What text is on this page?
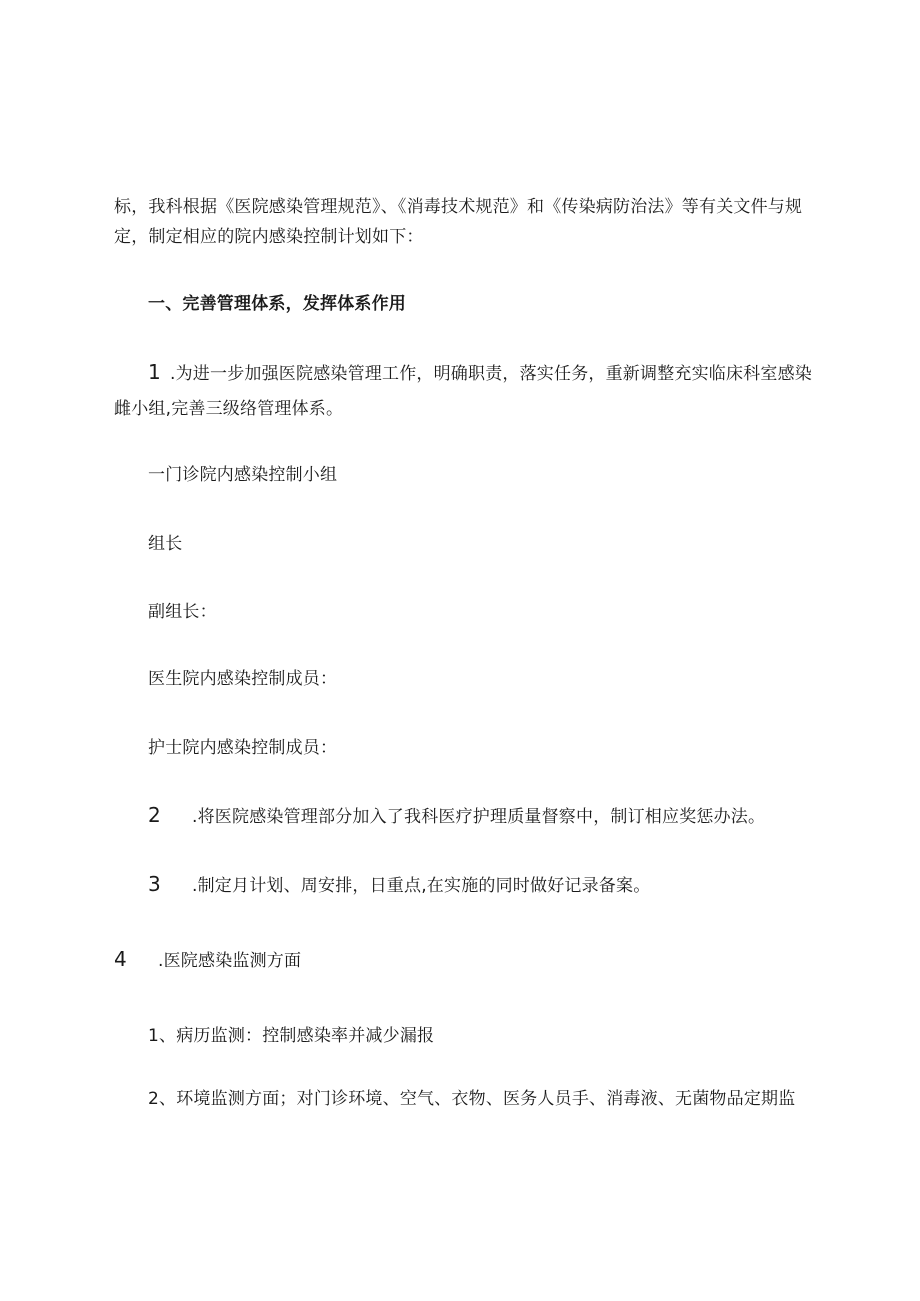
标，我科根据《医院感染管理规范》、《消毒技术规范》和《传染病防治法》等有关文件与规
定，制定相应的院内感染控制计划如下：
一、完善管理体系，发挥体系作用
1 .为进一步加强医院感染管理工作，明确职责，落实任务，重新调整充实临床科室感染
雌小组,完善三级络管理体系。
一门诊院内感染控制小组
组长
副组长：
医生院内感染控制成员：
护士院内感染控制成员：
2 .将医院感染管理部分加入了我科医疗护理质量督察中，制订相应奖惩办法。
3 .制定月计划、周安排，日重点,在实施的同时做好记录备案。
4 .医院感染监测方面
1、病历监测：控制感染率并减少漏报
2、环境监测方面；对门诊环境、空气、衣物、医务人员手、消毒液、无菌物品定期监
